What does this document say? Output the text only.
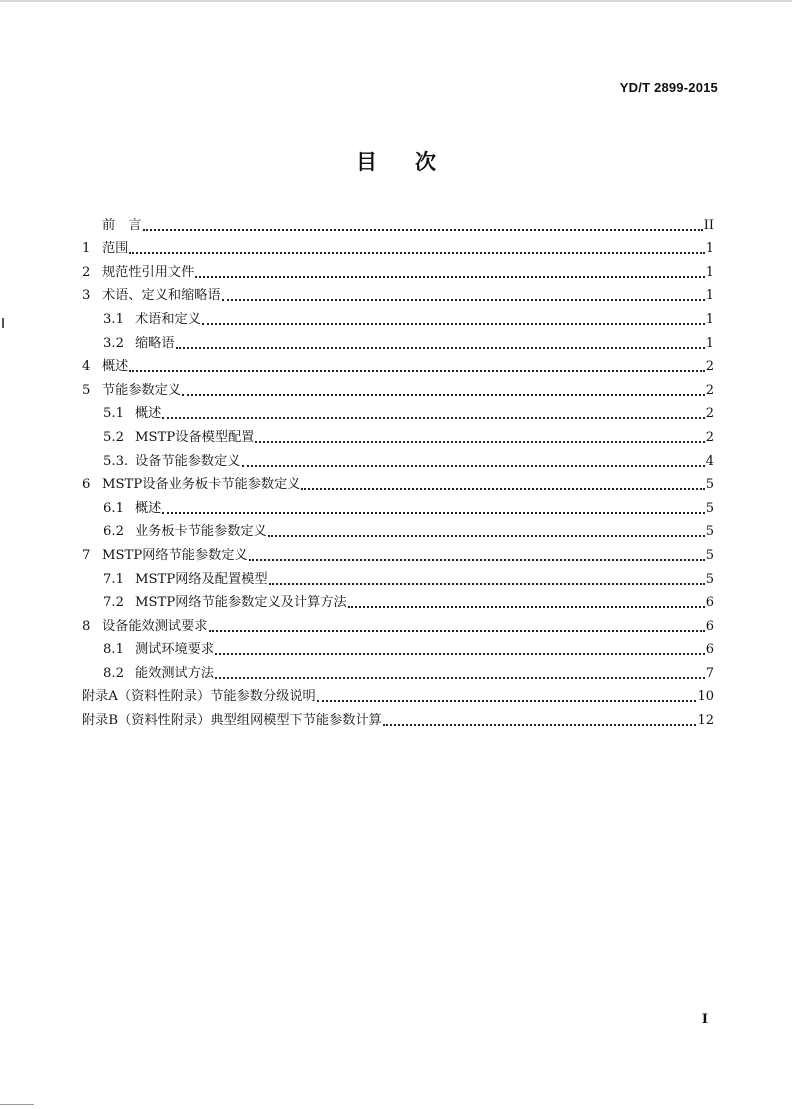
YD/T 2899-2015
目 次
前　言	II
1 范围	1
2 规范性引用文件	1
3 术语、定义和缩略语	1
3.1 术语和定义	1
3.2 缩略语	1
4 概述	2
5 节能参数定义	2
5.1 概述	2
5.2 MSTP设备模型配置	2
5.3. 设备节能参数定义	4
6 MSTP设备业务板卡节能参数定义	5
6.1 概述	5
6.2 业务板卡节能参数定义	5
7 MSTP网络节能参数定义	5
7.1 MSTP网络及配置模型	5
7.2 MSTP网络节能参数定义及计算方法	6
8 设备能效测试要求	6
8.1 测试环境要求	6
8.2 能效测试方法	7
附录A（资料性附录）节能参数分级说明	10
附录B（资料性附录）典型组网模型下节能参数计算	12
I
